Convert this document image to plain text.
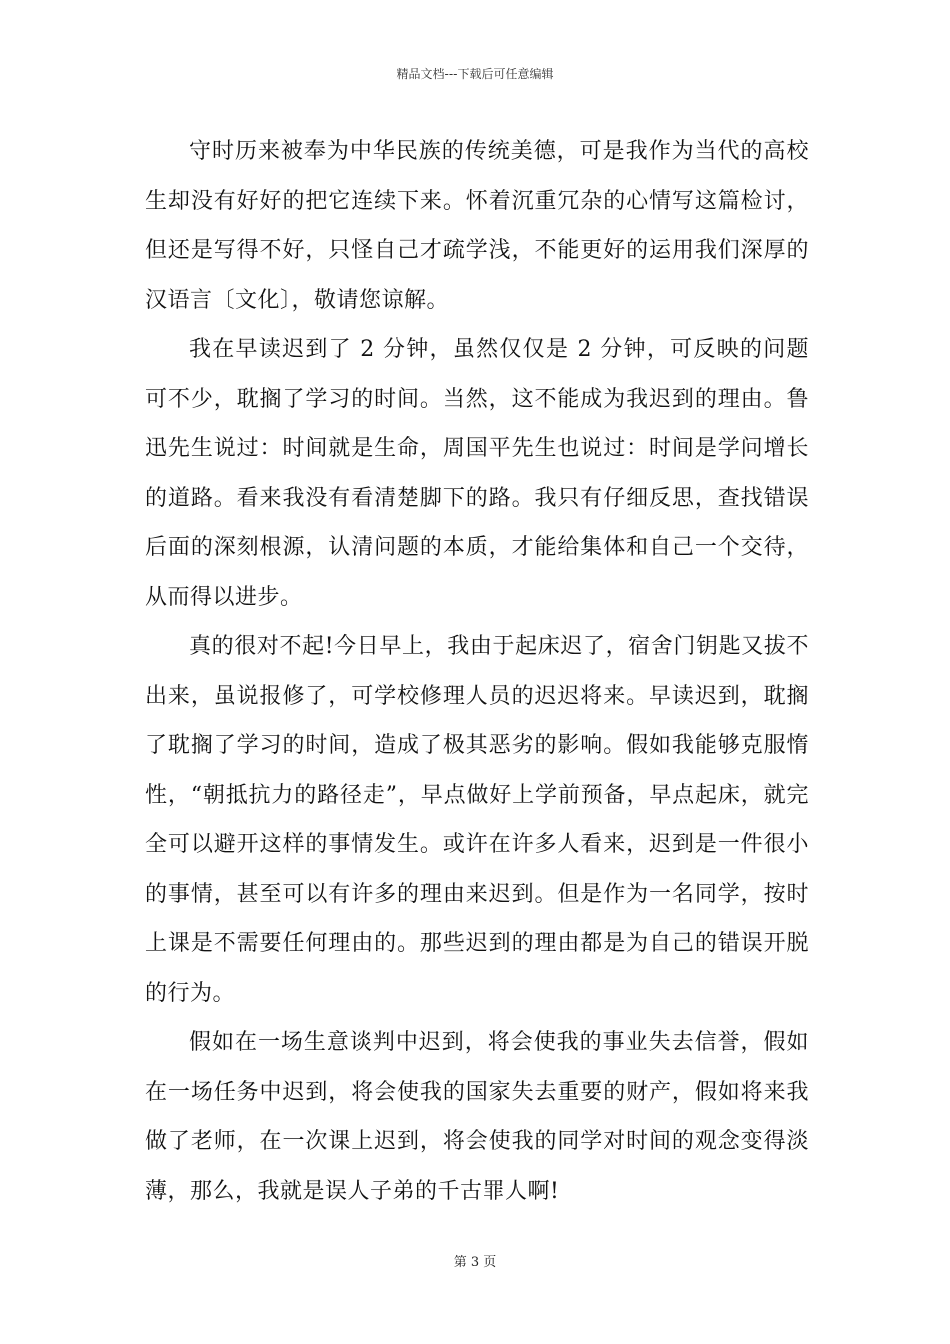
精品文档---下载后可任意编辑

守时历来被奉为中华民族的传统美德，可是我作为当代的高校生却没有好好的把它连续下来。怀着沉重冗杂的心情写这篇检讨，但还是写得不好，只怪自己才疏学浅，不能更好的运用我们深厚的汉语言〔文化〕，敬请您谅解。

我在早读迟到了 2 分钟，虽然仅仅是 2 分钟，可反映的问题可不少，耽搁了学习的时间。当然，这不能成为我迟到的理由。鲁迅先生说过：时间就是生命，周国平先生也说过：时间是学问增长的道路。看来我没有看清楚脚下的路。我只有仔细反思，查找错误后面的深刻根源，认清问题的本质，才能给集体和自己一个交待，从而得以进步。

真的很对不起!今日早上，我由于起床迟了，宿舍门钥匙又拔不出来，虽说报修了，可学校修理人员的迟迟将来。早读迟到，耽搁了耽搁了学习的时间，造成了极其恶劣的影响。假如我能够克服惰性，“朝抵抗力的路径走”，早点做好上学前预备，早点起床，就完全可以避开这样的事情发生。或许在许多人看来，迟到是一件很小的事情，甚至可以有许多的理由来迟到。但是作为一名同学，按时上课是不需要任何理由的。那些迟到的理由都是为自己的错误开脱的行为。

假如在一场生意谈判中迟到，将会使我的事业失去信誉，假如在一场任务中迟到，将会使我的国家失去重要的财产，假如将来我做了老师，在一次课上迟到，将会使我的同学对时间的观念变得淡薄，那么，我就是误人子弟的千古罪人啊!

第 3 页
